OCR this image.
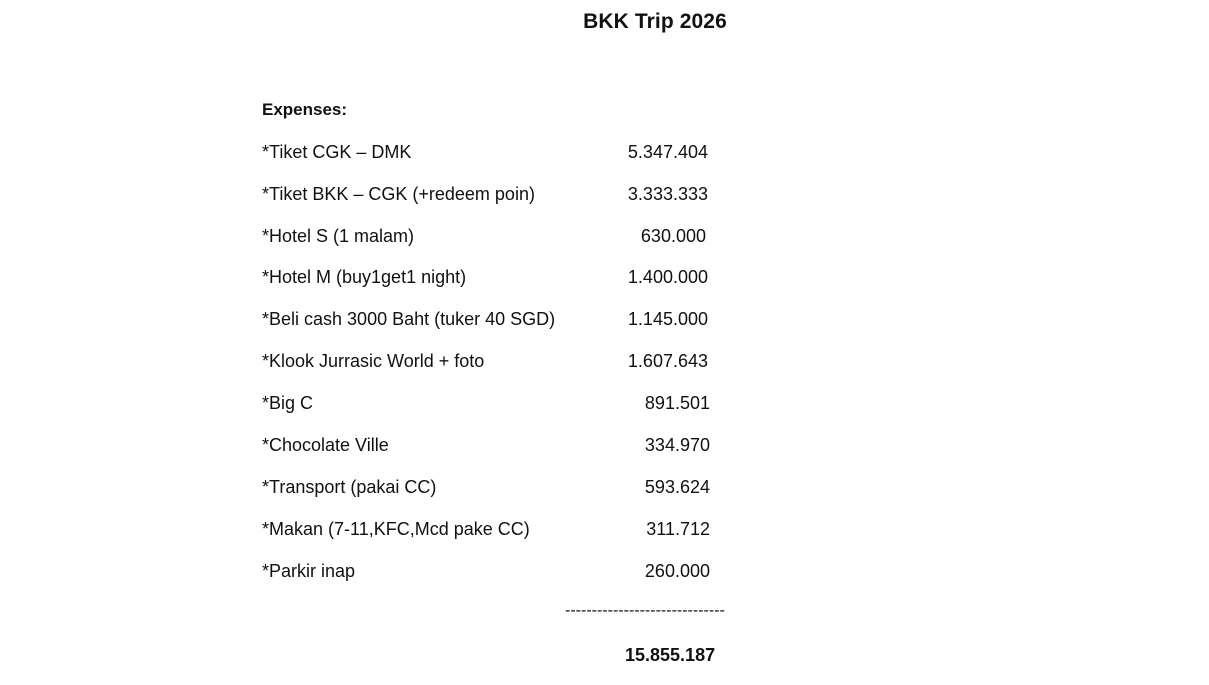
BKK Trip 2026
Expenses:
*Tiket CGK – DMK	5.347.404
*Tiket BKK – CGK (+redeem poin)	3.333.333
*Hotel S (1 malam)	630.000
*Hotel M (buy1get1 night)	1.400.000
*Beli cash 3000 Baht (tuker 40 SGD)	1.145.000
*Klook Jurrasic World + foto	1.607.643
*Big C	891.501
*Chocolate Ville	334.970
*Transport (pakai CC)	593.624
*Makan (7-11,KFC,Mcd pake CC)	311.712
*Parkir inap	260.000
------------------------------
15.855.187
